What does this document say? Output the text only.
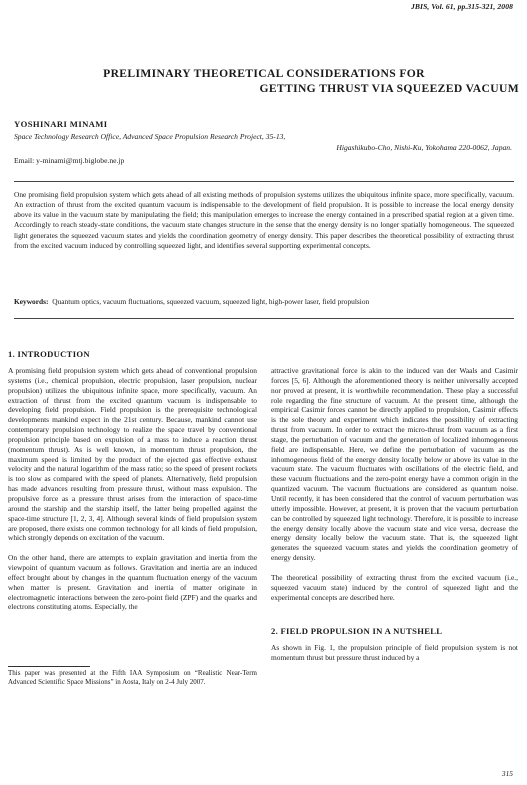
JBIS, Vol. 61, pp.315-321, 2008
PRELIMINARY THEORETICAL CONSIDERATIONS FOR
GETTING THRUST VIA SQUEEZED VACUUM
YOSHINARI MINAMI
Space Technology Research Office, Advanced Space Propulsion Research Project, 35-13,
Higashikubo-Cho, Nishi-Ku, Yokohama 220-0062, Japan.
Email: y-minami@mtj.biglobe.ne.jp
One promising field propulsion system which gets ahead of all existing methods of propulsion systems utilizes the ubiquitous infinite space, more specifically, vacuum. An extraction of thrust from the excited quantum vacuum is indispensable to the development of field propulsion. It is possible to increase the local energy density above its value in the vacuum state by manipulating the field; this manipulation emerges to increase the energy contained in a prescribed spatial region at a given time. Accordingly to reach steady-state conditions, the vacuum state changes structure in the sense that the energy density is no longer spatially homogeneous. The squeezed light generates the squeezed vacuum states and yields the coordination geometry of energy density. This paper describes the theoretical possibility of extracting thrust from the excited vacuum induced by controlling squeezed light, and identifies several supporting experimental concepts.
Keywords: Quantum optics, vacuum fluctuations, squeezed vacuum, squeezed light, high-power laser, field propulsion
1. INTRODUCTION

A promising field propulsion system which gets ahead of conventional propulsion systems (i.e., chemical propulsion, electric propulsion, laser propulsion, nuclear propulsion) utilizes the ubiquitous infinite space, more specifically, vacuum. An extraction of thrust from the excited quantum vacuum is indispensable to developing field propulsion. Field propulsion is the prerequisite technological developments mankind expect in the 21st century. Because, mankind cannot use contemporary propulsion technology to realize the space travel by conventional propulsion principle based on expulsion of a mass to induce a reaction thrust (momentum thrust). As is well known, in momentum thrust propulsion, the maximum speed is limited by the product of the ejected gas effective exhaust velocity and the natural logarithm of the mass ratio; so the speed of present rockets is too slow as compared with the speed of planets. Alternatively, field propulsion has made advances resulting from pressure thrust, without mass expulsion. The propulsive force as a pressure thrust arises from the interaction of space-time around the starship and the starship itself, the latter being propelled against the space-time structure [1, 2, 3, 4]. Although several kinds of field propulsion system are proposed, there exists one common technology for all kinds of field propulsion, which strongly depends on excitation of the vacuum.

On the other hand, there are attempts to explain gravitation and inertia from the viewpoint of quantum vacuum as follows. Gravitation and inertia are an induced effect brought about by changes in the quantum fluctuation energy of the vacuum when matter is present. Gravitation and inertia of matter originate in electromagnetic interactions between the zero-point field (ZPF) and the quarks and electrons constituting atoms. Especially, the

This paper was presented at the Fifth IAA Symposium on “Realistic Near-Term Advanced Scientific Space Missions” in Aosta, Italy on 2-4 July 2007.

attractive gravitational force is akin to the induced van der Waals and Casimir forces [5, 6]. Although the aforementioned theory is neither universally accepted nor proved at present, it is worthwhile recommendation. These play a successful role regarding the fine structure of vacuum. At the present time, although the empirical Casimir forces cannot be directly applied to propulsion, Casimir effects is the sole theory and experiment which indicates the possibility of extracting thrust from vacuum. In order to extract the micro-thrust from vacuum as a first stage, the perturbation of vacuum and the generation of localized inhomogeneous field are indispensable. Here, we define the perturbation of vacuum as the inhomogeneous field of the energy density locally below or above its value in the vacuum state. The vacuum fluctuates with oscillations of the electric field, and these vacuum fluctuations and the zero-point energy have a common origin in the quantized vacuum. The vacuum fluctuations are considered as quantum noise. Until recently, it has been considered that the control of vacuum perturbation was utterly impossible. However, at present, it is proven that the vacuum perturbation can be controlled by squeezed light technology. Therefore, it is possible to increase the energy density locally above the vacuum state and vice versa, decrease the energy density locally below the vacuum state. That is, the squeezed light generates the squeezed vacuum states and yields the coordination geometry of energy density.

The theoretical possibility of extracting thrust from the excited vacuum (i.e., squeezed vacuum state) induced by the control of squeezed light and the experimental concepts are described here.

2. FIELD PROPULSION IN A NUTSHELL

As shown in Fig. 1, the propulsion principle of field propulsion system is not momentum thrust but pressure thrust induced by a

315
